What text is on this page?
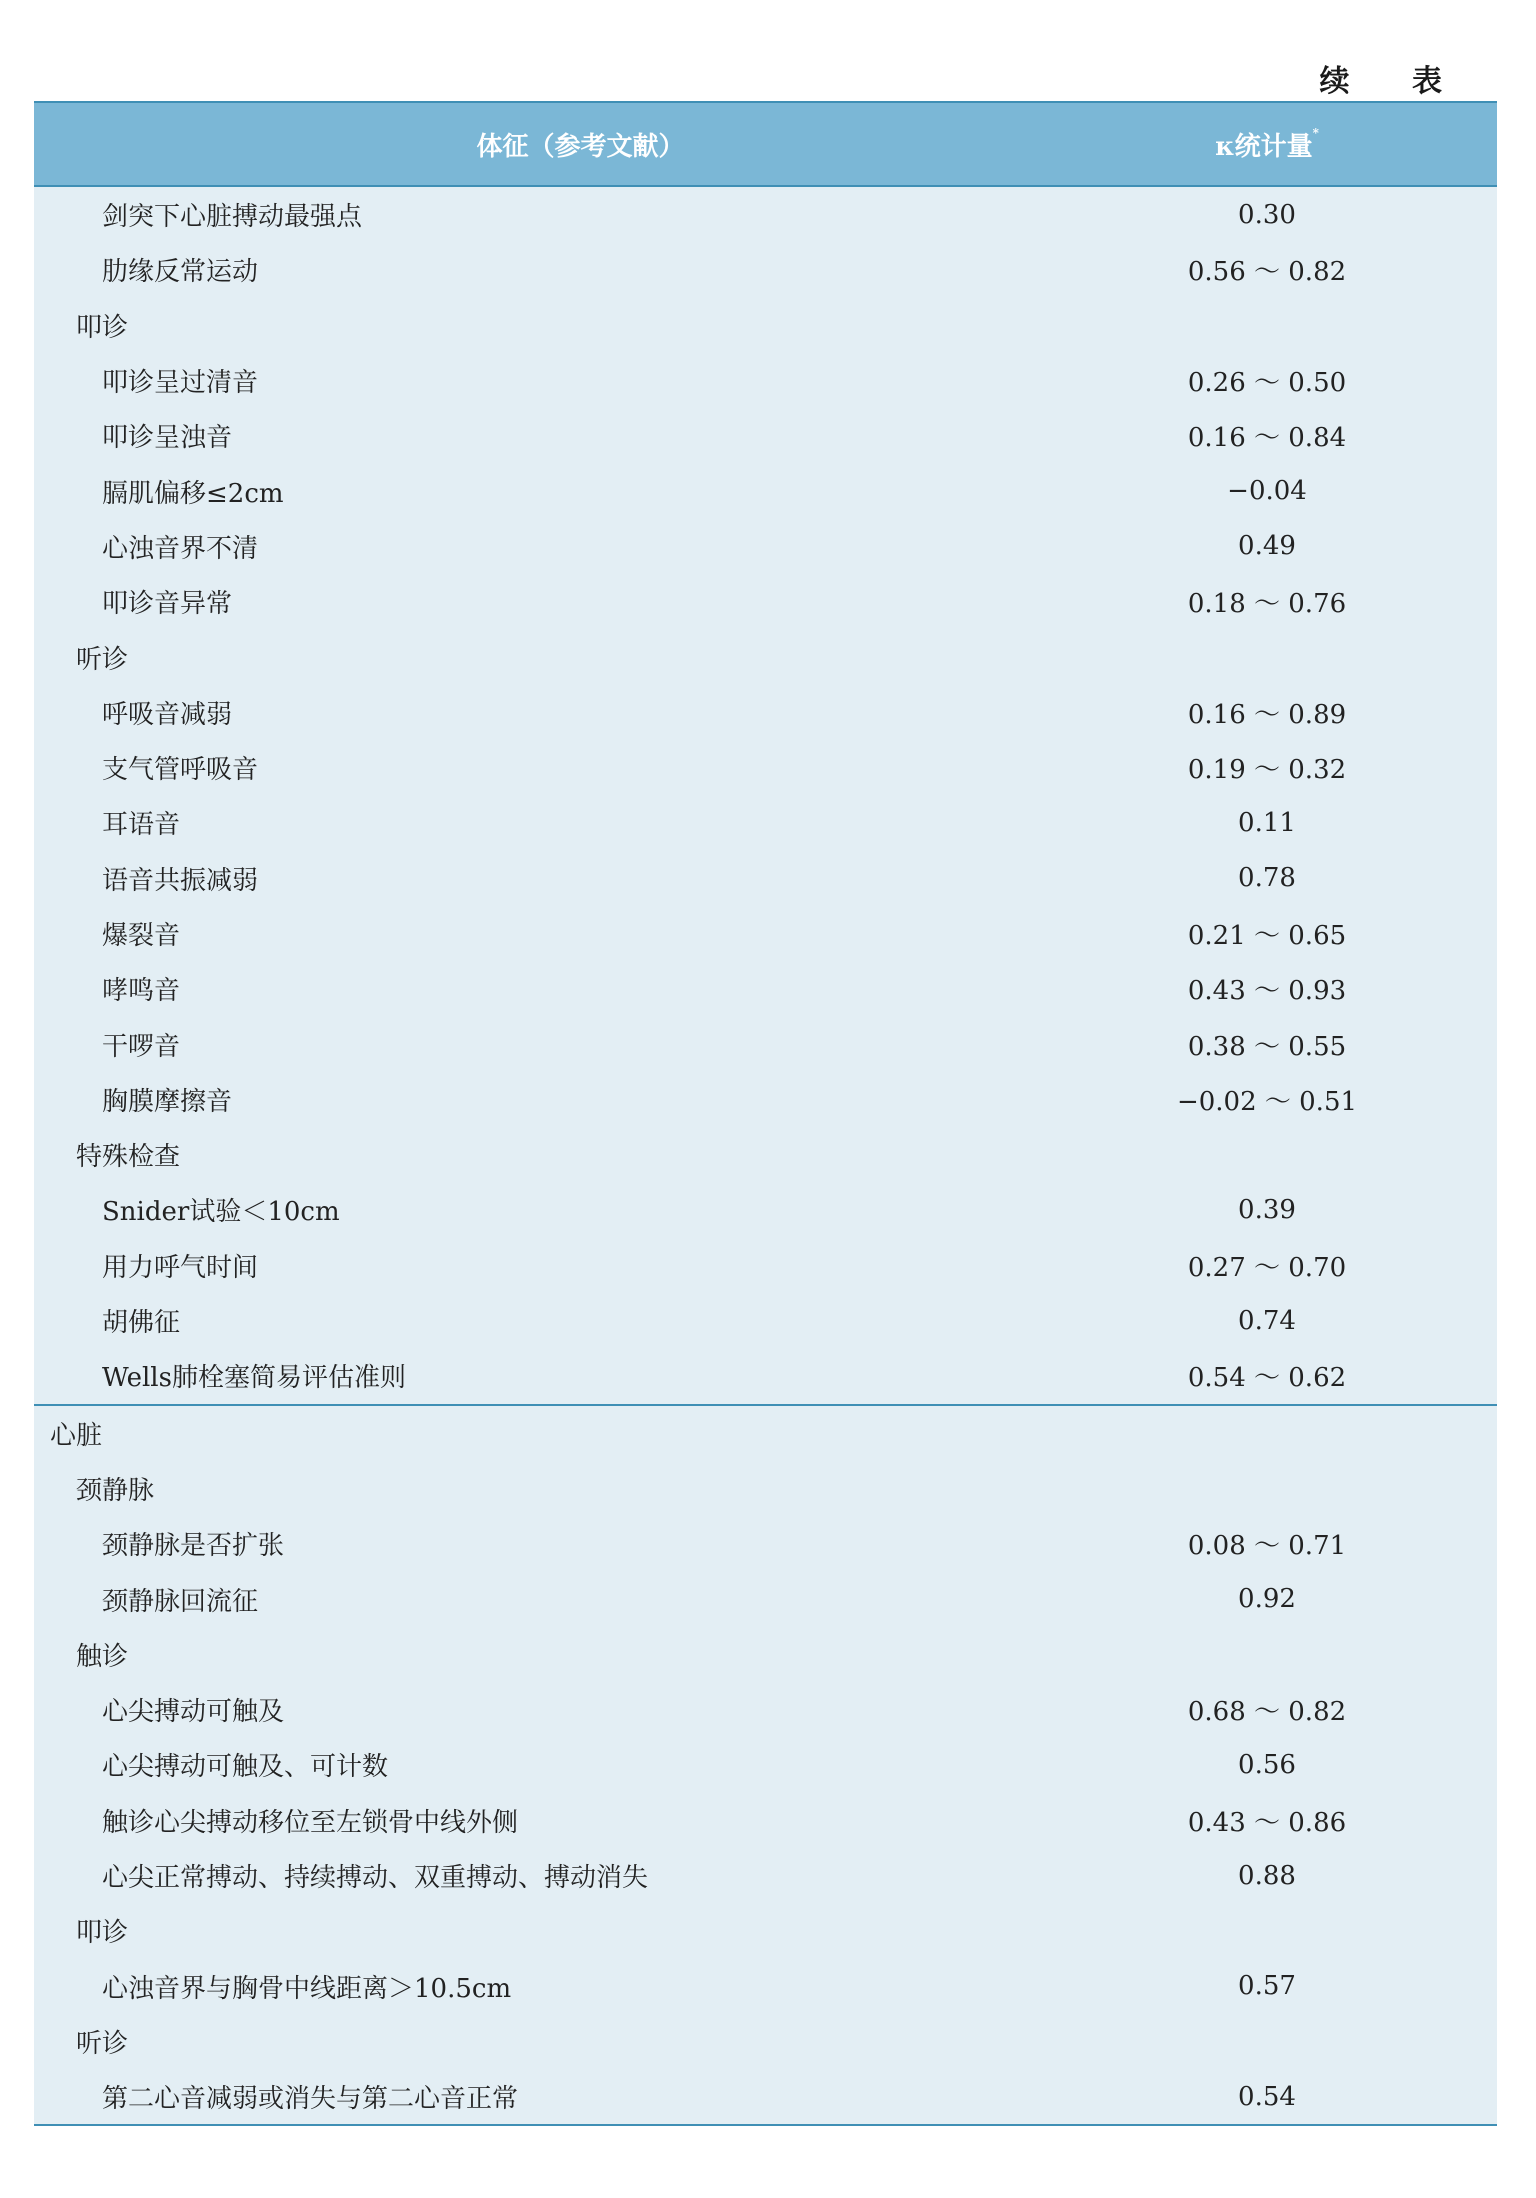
续 表
体征（参考文献）	κ统计量*
剑突下心脏搏动最强点	0.30
肋缘反常运动	0.56 ～ 0.82
叩诊
叩诊呈过清音	0.26 ～ 0.50
叩诊呈浊音	0.16 ～ 0.84
膈肌偏移≤2cm	−0.04
心浊音界不清	0.49
叩诊音异常	0.18 ～ 0.76
听诊
呼吸音减弱	0.16 ～ 0.89
支气管呼吸音	0.19 ～ 0.32
耳语音	0.11
语音共振减弱	0.78
爆裂音	0.21 ～ 0.65
哮鸣音	0.43 ～ 0.93
干啰音	0.38 ～ 0.55
胸膜摩擦音	−0.02 ～ 0.51
特殊检查
Snider试验＜10cm	0.39
用力呼气时间	0.27 ～ 0.70
胡佛征	0.74
Wells肺栓塞简易评估准则	0.54 ～ 0.62
心脏
颈静脉
颈静脉是否扩张	0.08 ～ 0.71
颈静脉回流征	0.92
触诊
心尖搏动可触及	0.68 ～ 0.82
心尖搏动可触及、可计数	0.56
触诊心尖搏动移位至左锁骨中线外侧	0.43 ～ 0.86
心尖正常搏动、持续搏动、双重搏动、搏动消失	0.88
叩诊
心浊音界与胸骨中线距离＞10.5cm	0.57
听诊
第二心音减弱或消失与第二心音正常	0.54
